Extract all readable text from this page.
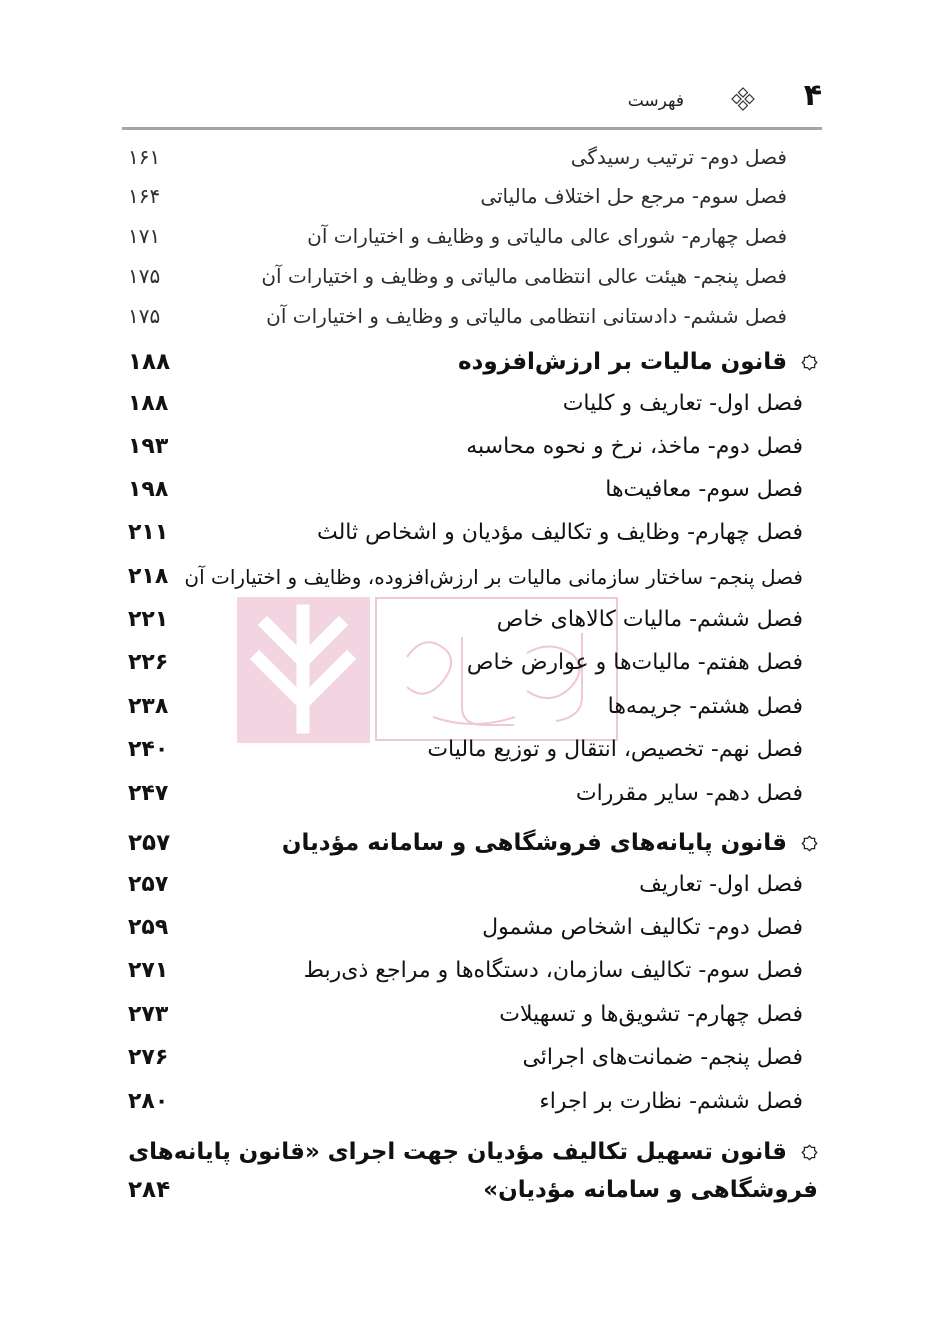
۴
فهرست
فصل دوم- ترتیب رسیدگی
۱۶۱
فصل سوم- مرجع حل اختلاف مالیاتی
۱۶۴
فصل چهارم- شورای عالی مالیاتی و وظایف و اختیارات آن
۱۷۱
فصل پنجم- هیئت عالی انتظامی مالیاتی و وظایف و اختیارات آن
۱۷۵
فصل ششم- دادستانی انتظامی مالیاتی و وظایف و اختیارات آن
۱۷۵
قانون مالیات بر ارزش‌افزوده
۱۸۸
فصل اول- تعاریف و کلیات
۱۸۸
فصل دوم- ماخذ، نرخ و نحوه محاسبه
۱۹۳
فصل سوم- معافیت‌ها
۱۹۸
فصل چهارم- وظایف و تکالیف مؤدیان و اشخاص ثالث
۲۱۱
فصل پنجم- ساختار سازمانی مالیات بر ارزش‌افزوده، وظایف و اختیارات آن
۲۱۸
فصل ششم- مالیات کالاهای خاص
۲۲۱
فصل هفتم- مالیات‌ها و عوارض خاص
۲۲۶
فصل هشتم- جریمه‌ها
۲۳۸
فصل نهم- تخصیص، انتقال و توزیع مالیات
۲۴۰
فصل دهم- سایر مقررات
۲۴۷
قانون پایانه‌های فروشگاهی و سامانه مؤدیان
۲۵۷
فصل اول- تعاریف
۲۵۷
فصل دوم- تکالیف اشخاص مشمول
۲۵۹
فصل سوم- تکالیف سازمان، دستگاه‌ها و مراجع ذی‌ربط
۲۷۱
فصل چهارم- تشویق‌ها و تسهیلات
۲۷۳
فصل پنجم- ضمانت‌های اجرائی
۲۷۶
فصل ششم- نظارت بر اجراء
۲۸۰
قانون
تسهیل
تکالیف
مؤدیان
جهت
اجرای
«قانون
پایانه‌های
فروشگاهی و سامانه مؤدیان»
۲۸۴
